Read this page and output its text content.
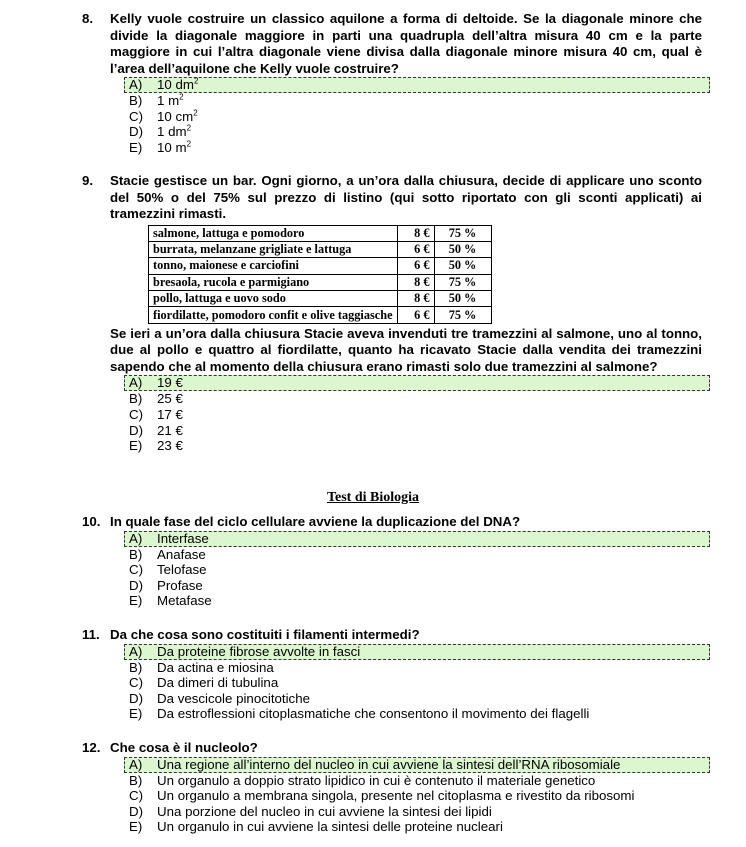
8. Kelly vuole costruire un classico aquilone a forma di deltoide. Se la diagonale minore che divide la diagonale maggiore in parti una quadrupla dell’altra misura 40 cm e la parte maggiore in cui l’altra diagonale viene divisa dalla diagonale minore misura 40 cm, qual è l’area dell’aquilone che Kelly vuole costruire?
A) 10 $dm^2$
B) 1 $m^2$
C) 10 $cm^2$
D) 1 $dm^2$
E) 10 $m^2$
9. Stacie gestisce un bar. Ogni giorno, a un’ora dalla chiusura, decide di applicare uno sconto del 50% o del 75% sul prezzo di listino (qui sotto riportato con gli sconti applicati) ai tramezzini rimasti.
salmone, lattuga e pomodoro	8 €	75 %
burrata, melanzane grigliate e lattuga	6 €	50 %
tonno, maionese e carciofini	6 €	50 %
bresaola, rucola e parmigiano	8 €	75 %
pollo, lattuga e uovo sodo	8 €	50 %
fiordilatte, pomodoro confit e olive taggiasche	6 €	75 %
Se ieri a un’ora dalla chiusura Stacie aveva invenduti tre tramezzini al salmone, uno al tonno, due al pollo e quattro al fiordilatte, quanto ha ricavato Stacie dalla vendita dei tramezzini sapendo che al momento della chiusura erano rimasti solo due tramezzini al salmone?
A) 19 €
B) 25 €
C) 17 €
D) 21 €
E) 23 €
Test di Biologia
10. In quale fase del ciclo cellulare avviene la duplicazione del DNA?
A) Interfase
B) Anafase
C) Telofase
D) Profase
E) Metafase
11. Da che cosa sono costituiti i filamenti intermedi?
A) Da proteine fibrose avvolte in fasci
B) Da actina e miosina
C) Da dimeri di tubulina
D) Da vescicole pinocitotiche
E) Da estroflessioni citoplasmatiche che consentono il movimento dei flagelli
12. Che cosa è il nucleolo?
A) Una regione all’interno del nucleo in cui avviene la sintesi dell’RNA ribosomiale
B) Un organulo a doppio strato lipidico in cui è contenuto il materiale genetico
C) Un organulo a membrana singola, presente nel citoplasma e rivestito da ribosomi
D) Una porzione del nucleo in cui avviene la sintesi dei lipidi
E) Un organulo in cui avviene la sintesi delle proteine nucleari
